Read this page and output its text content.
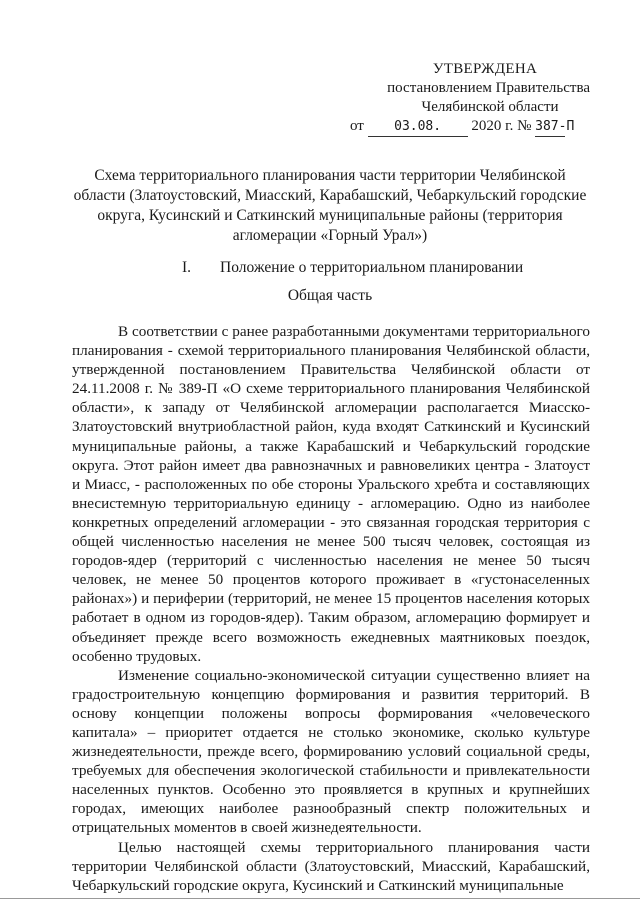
УТВЕРЖДЕНА
постановлением Правительства
Челябинской области
от 03.08. 2020 г. № 387-П
Схема территориального планирования части территории Челябинской области (Златоустовский, Миасский, Карабашский, Чебаркульский городские округа, Кусинский и Саткинский муниципальные районы (территория агломерации «Горный Урал»)
I. Положение о территориальном планировании
Общая часть

В соответствии с ранее разработанными документами территориального планирования - схемой территориального планирования Челябинской области, утвержденной постановлением Правительства Челябинской области от 24.11.2008 г. № 389-П «О схеме территориального планирования Челябинской области», к западу от Челябинской агломерации располагается Миасско-Златоустовский внутриобластной район, куда входят Саткинский и Кусинский муниципальные районы, а также Карабашский и Чебаркульский городские округа. Этот район имеет два равнозначных и равновеликих центра - Златоуст и Миасс, - расположенных по обе стороны Уральского хребта и составляющих внесистемную территориальную единицу - агломерацию. Одно из наиболее конкретных определений агломерации - это связанная городская территория с общей численностью населения не менее 500 тысяч человек, состоящая из городов-ядер (территорий с численностью населения не менее 50 тысяч человек, не менее 50 процентов которого проживает в «густонаселенных районах») и периферии (территорий, не менее 15 процентов населения которых работает в одном из городов-ядер). Таким образом, агломерацию формирует и объединяет прежде всего возможность ежедневных маятниковых поездок, особенно трудовых.

Изменение социально-экономической ситуации существенно влияет на градостроительную концепцию формирования и развития территорий. В основу концепции положены вопросы формирования «человеческого капитала» – приоритет отдается не столько экономике, сколько культуре жизнедеятельности, прежде всего, формированию условий социальной среды, требуемых для обеспечения экологической стабильности и привлекательности населенных пунктов. Особенно это проявляется в крупных и крупнейших городах, имеющих наиболее разнообразный спектр положительных и отрицательных моментов в своей жизнедеятельности.

Целью настоящей схемы территориального планирования части территории Челябинской области (Златоустовский, Миасский, Карабашский, Чебаркульский городские округа, Кусинский и Саткинский муниципальные
